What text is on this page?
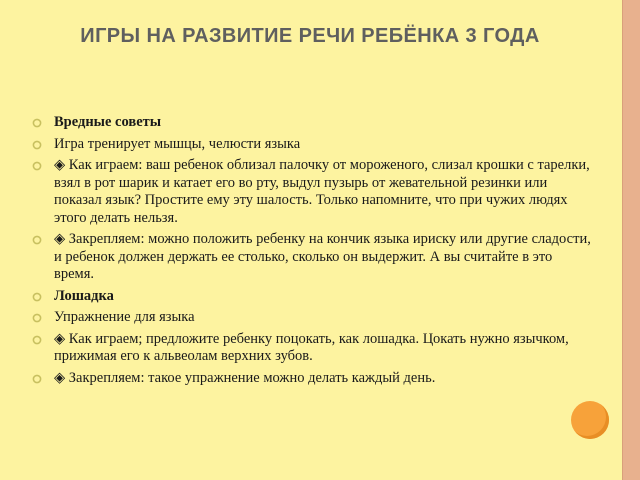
ИГРЫ НА РАЗВИТИЕ РЕЧИ РЕБЁНКА 3 ГОДА
Вредные советы
Игра тренирует мышцы, челюсти языка
◈ Как играем: ваш ребенок облизал палочку от мороженого, слизал крошки с тарелки, взял в рот шарик и катает его во рту, выдул пузырь от жевательной резинки или показал язык? Простите ему эту шалость. Только напомните, что при чужих людях этого делать нельзя.
◈ Закрепляем: можно положить ребенку на кончик языка ириску или другие сладости, и ребенок должен держать ее столько, сколько он выдержит. А вы считайте в это время.
Лошадка
Упражнение для языка
◈ Как играем; предложите ребенку поцокать, как лошадка. Цокать нужно язычком, прижимая его к альвеолам верхних зубов.
◈ Закрепляем: такое упражнение можно делать каждый день.
